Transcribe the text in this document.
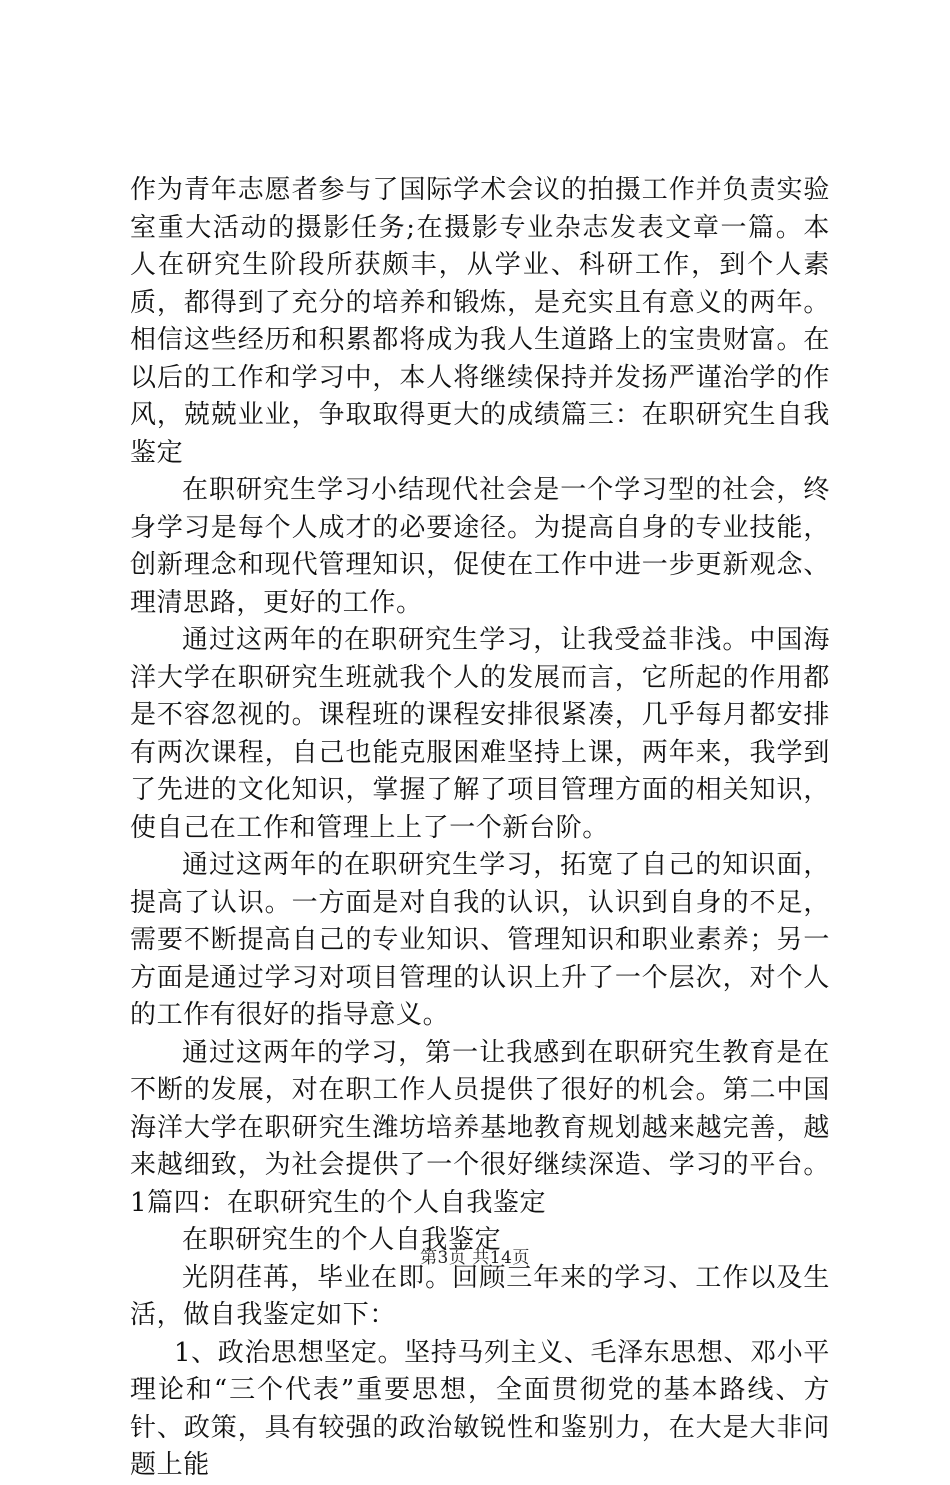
作为青年志愿者参与了国际学术会议的拍摄工作并负责实验室重大活动的摄影任务;在摄影专业杂志发表文章一篇。本人在研究生阶段所获颇丰，从学业、科研工作，到个人素质，都得到了充分的培养和锻炼，是充实且有意义的两年。相信这些经历和积累都将成为我人生道路上的宝贵财富。在以后的工作和学习中，本人将继续保持并发扬严谨治学的作风，兢兢业业，争取取得更大的成绩篇三：在职研究生自我鉴定

在职研究生学习小结现代社会是一个学习型的社会，终身学习是每个人成才的必要途径。为提高自身的专业技能，创新理念和现代管理知识，促使在工作中进一步更新观念、理清思路，更好的工作。

通过这两年的在职研究生学习，让我受益非浅。中国海洋大学在职研究生班就我个人的发展而言，它所起的作用都是不容忽视的。课程班的课程安排很紧凑，几乎每月都安排有两次课程，自己也能克服困难坚持上课，两年来，我学到了先进的文化知识，掌握了解了项目管理方面的相关知识，使自己在工作和管理上上了一个新台阶。

通过这两年的在职研究生学习，拓宽了自己的知识面，提高了认识。一方面是对自我的认识，认识到自身的不足，需要不断提高自己的专业知识、管理知识和职业素养；另一方面是通过学习对项目管理的认识上升了一个层次，对个人的工作有很好的指导意义。

通过这两年的学习，第一让我感到在职研究生教育是在不断的发展，对在职工作人员提供了很好的机会。第二中国海洋大学在职研究生潍坊培养基地教育规划越来越完善，越来越细致，为社会提供了一个很好继续深造、学习的平台。1篇四：在职研究生的个人自我鉴定

在职研究生的个人自我鉴定

光阴荏苒，毕业在即。回顾三年来的学习、工作以及生活，做自我鉴定如下：

1、政治思想坚定。坚持马列主义、毛泽东思想、邓小平理论和“三个代表”重要思想，全面贯彻党的基本路线、方针、政策，具有较强的政治敏锐性和鉴别力，在大是大非问题上能

第3页 共14页
